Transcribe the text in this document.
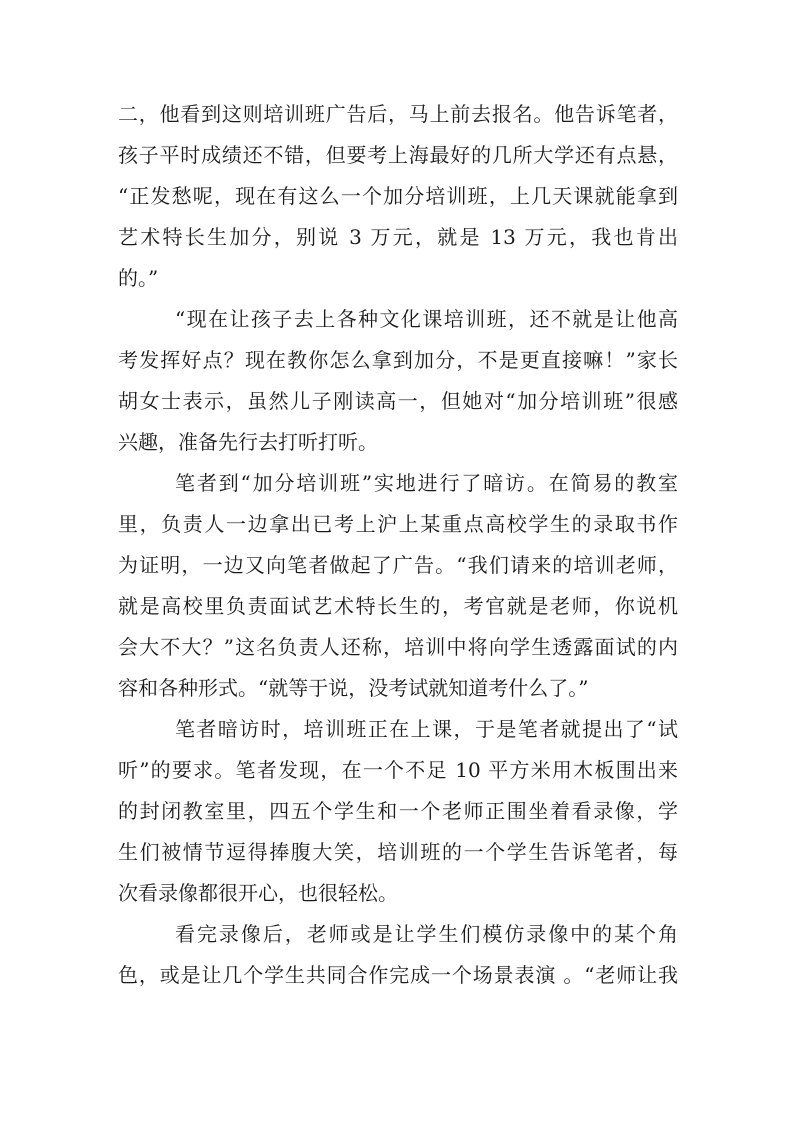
二，他看到这则培训班广告后，马上前去报名。他告诉笔者，
孩子平时成绩还不错，但要考上海最好的几所大学还有点悬，
“正发愁呢，现在有这么一个加分培训班，上几天课就能拿到
艺术特长生加分，别说 3 万元，就是 13 万元，我也肯出
的。”
“现在让孩子去上各种文化课培训班，还不就是让他高
考发挥好点？现在教你怎么拿到加分，不是更直接嘛！”家长
胡女士表示，虽然儿子刚读高一，但她对“加分培训班”很感
兴趣，准备先行去打听打听。
笔者到“加分培训班”实地进行了暗访。在简易的教室
里，负责人一边拿出已考上沪上某重点高校学生的录取书作
为证明，一边又向笔者做起了广告。“我们请来的培训老师，
就是高校里负责面试艺术特长生的，考官就是老师，你说机
会大不大？”这名负责人还称，培训中将向学生透露面试的内
容和各种形式。“就等于说，没考试就知道考什么了。”
笔者暗访时，培训班正在上课，于是笔者就提出了“试
听”的要求。笔者发现，在一个不足 10 平方米用木板围出来
的封闭教室里，四五个学生和一个老师正围坐着看录像，学
生们被情节逗得捧腹大笑，培训班的一个学生告诉笔者，每
次看录像都很开心，也很轻松。
看完录像后，老师或是让学生们模仿录像中的某个角
色，或是让几个学生共同合作完成一个场景表演 。“老师让我
